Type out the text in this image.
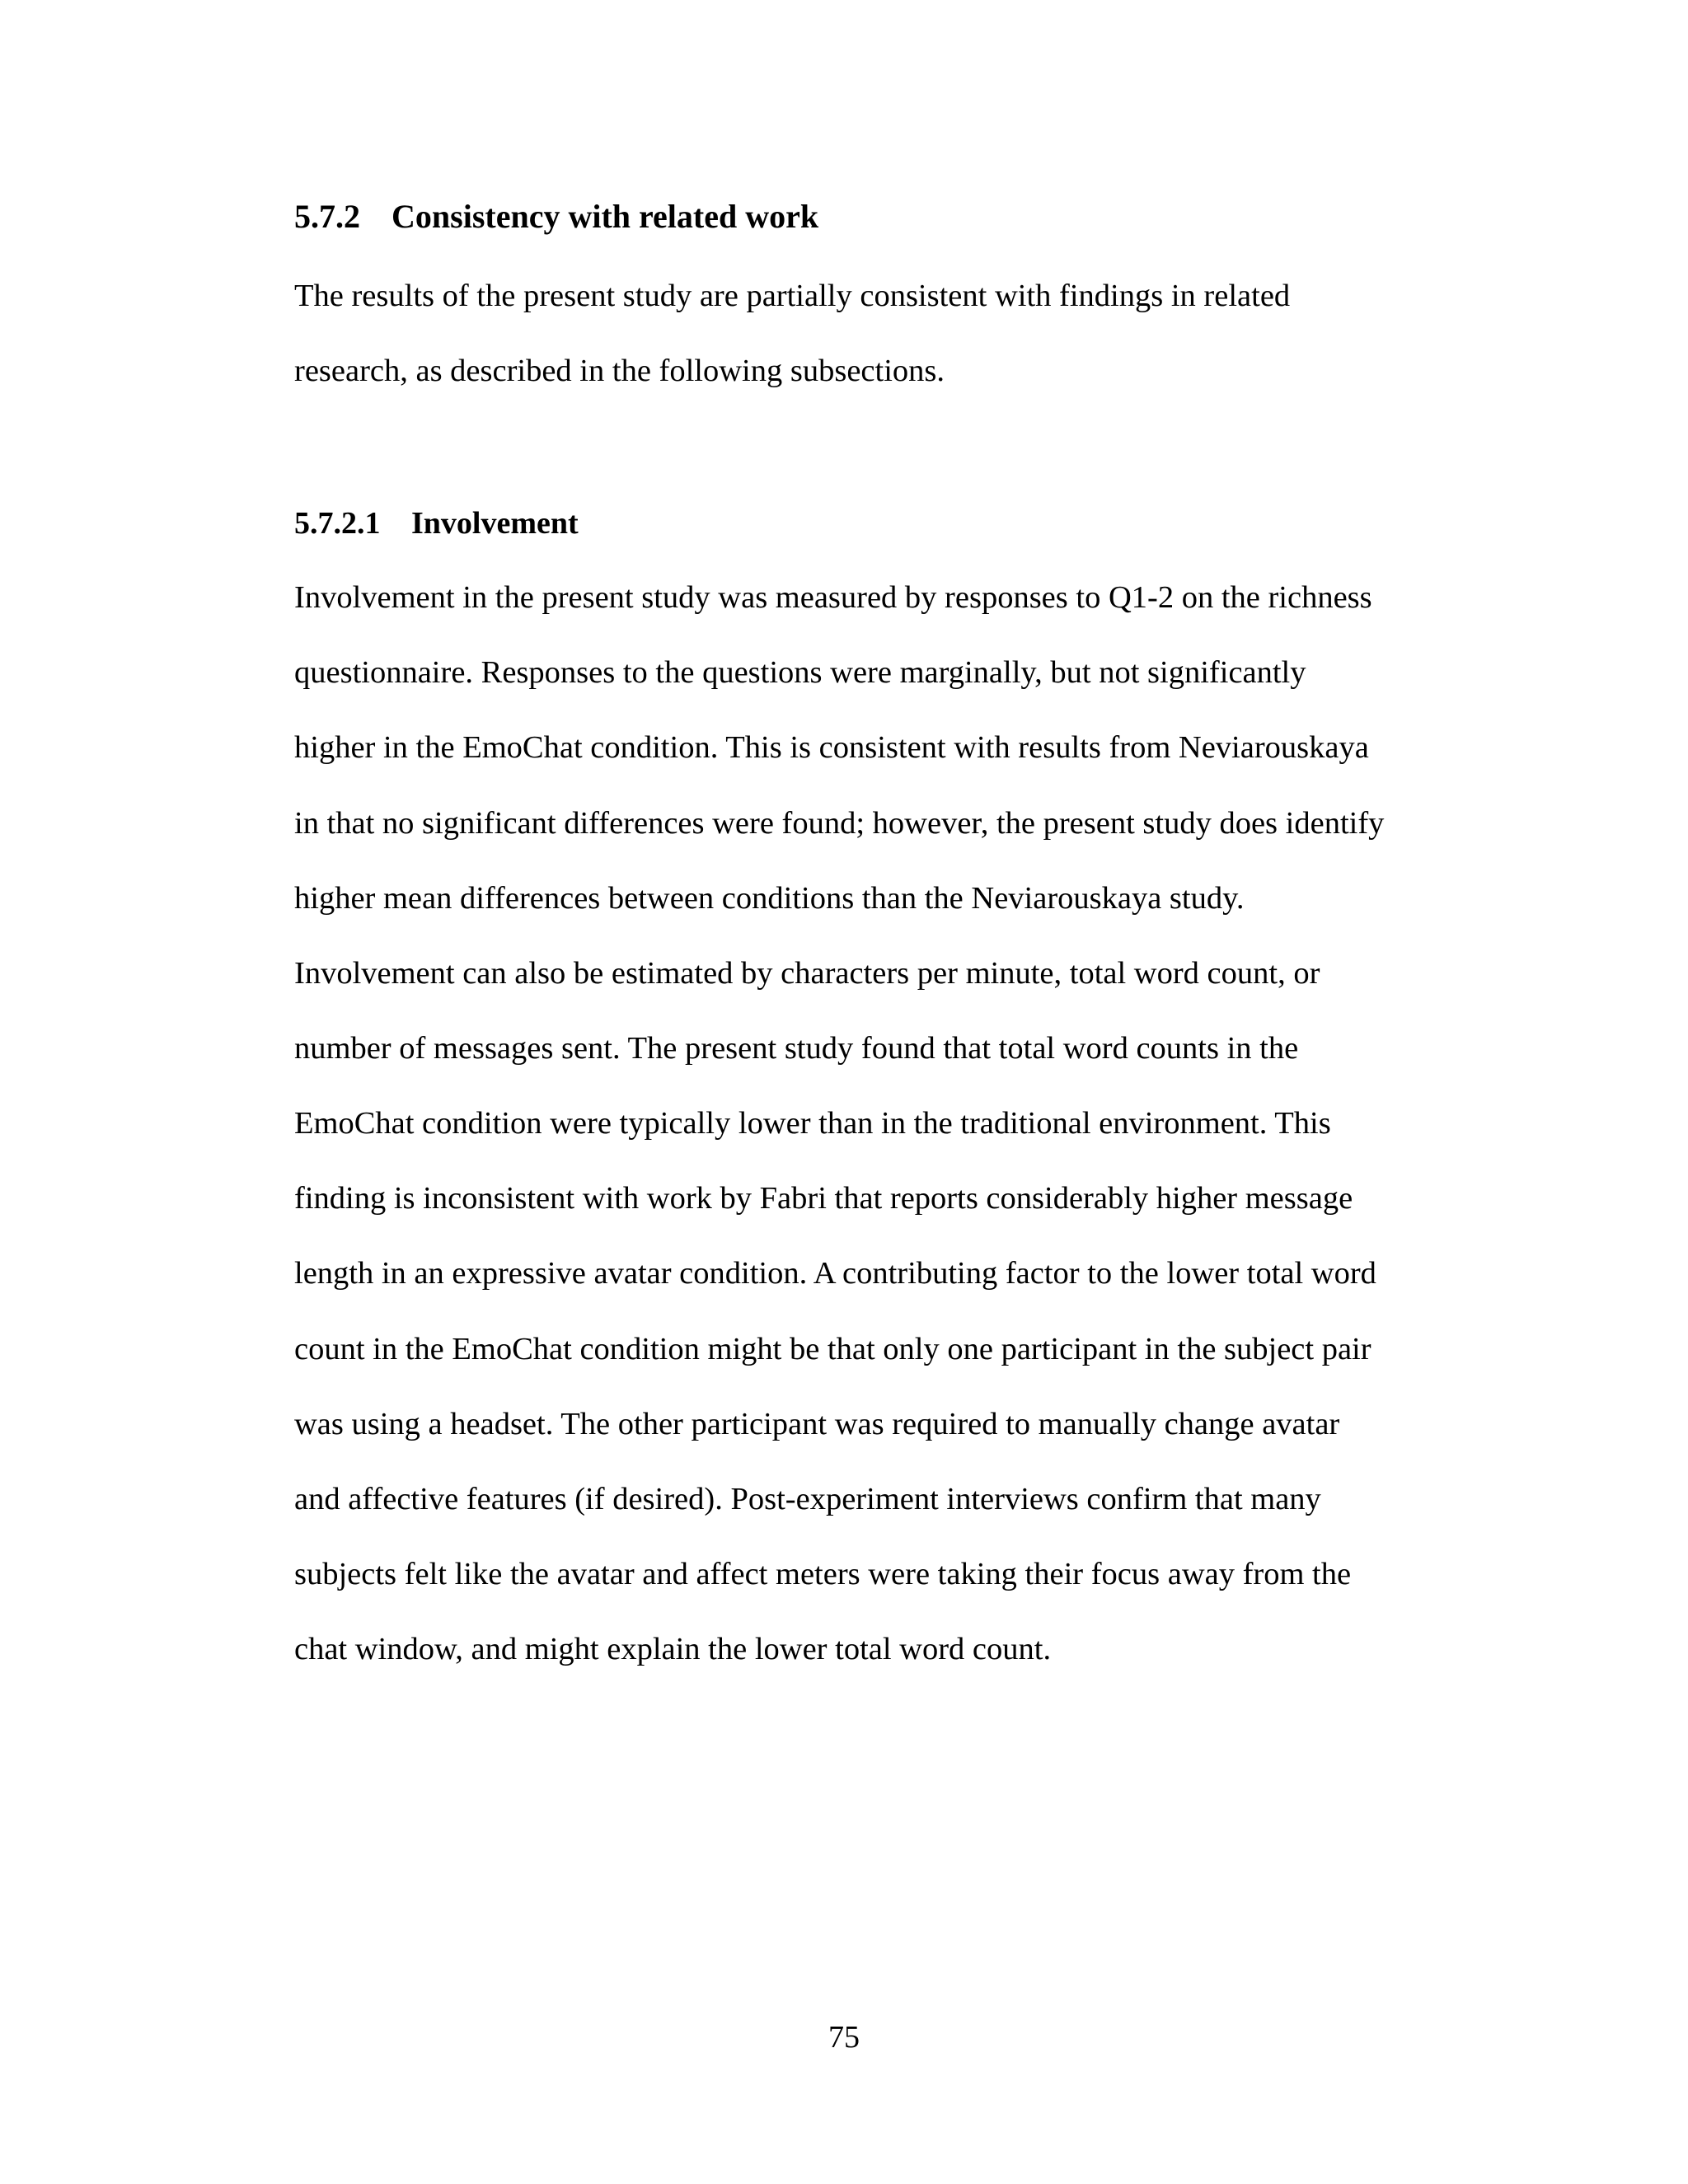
5.7.2 Consistency with related work
The results of the present study are partially consistent with findings in related
research, as described in the following subsections.
5.7.2.1 Involvement
Involvement in the present study was measured by responses to Q1-2 on the richness
questionnaire. Responses to the questions were marginally, but not significantly
higher in the EmoChat condition. This is consistent with results from Neviarouskaya
in that no significant differences were found; however, the present study does identify
higher mean differences between conditions than the Neviarouskaya study.
Involvement can also be estimated by characters per minute, total word count, or
number of messages sent. The present study found that total word counts in the
EmoChat condition were typically lower than in the traditional environment. This
finding is inconsistent with work by Fabri that reports considerably higher message
length in an expressive avatar condition. A contributing factor to the lower total word
count in the EmoChat condition might be that only one participant in the subject pair
was using a headset. The other participant was required to manually change avatar
and affective features (if desired). Post-experiment interviews confirm that many
subjects felt like the avatar and affect meters were taking their focus away from the
chat window, and might explain the lower total word count.
75
